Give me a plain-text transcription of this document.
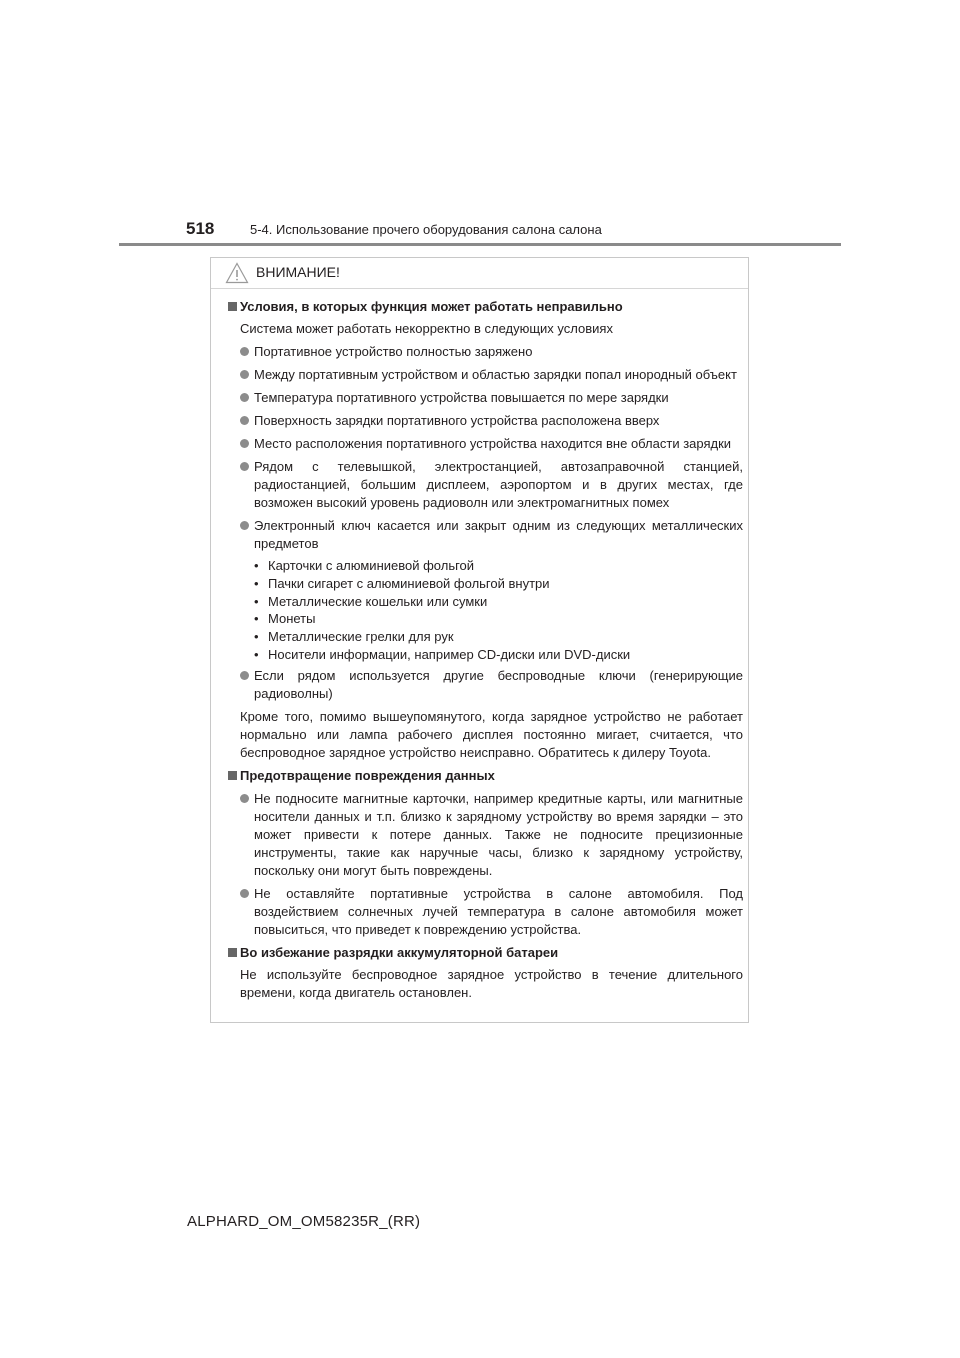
518	5-4. Использование прочего оборудования салона салона
ВНИМАНИЕ!
Условия, в которых функция может работать неправильно
Система может работать некорректно в следующих условиях
Портативное устройство полностью заряжено
Между портативным устройством и областью зарядки попал инородный объект
Температура портативного устройства повышается по мере зарядки
Поверхность зарядки портативного устройства расположена вверх
Место расположения портативного устройства находится вне области зарядки
Рядом с телевышкой, электростанцией, автозаправочной станцией, радиостанцией, большим дисплеем, аэропортом и в других местах, где возможен высокий уровень радиоволн или электромагнитных помех
Электронный ключ касается или закрыт одним из следующих металлических предметов
• Карточки с алюминиевой фольгой
• Пачки сигарет с алюминиевой фольгой внутри
• Металлические кошельки или сумки
• Монеты
• Металлические грелки для рук
• Носители информации, например CD-диски или DVD-диски
Если рядом используется другие беспроводные ключи (генерирующие радиоволны)
Кроме того, помимо вышеупомянутого, когда зарядное устройство не работает нормально или лампа рабочего дисплея постоянно мигает, считается, что беспроводное зарядное устройство неисправно. Обратитесь к дилеру Toyota.
Предотвращение повреждения данных
Не подносите магнитные карточки, например кредитные карты, или магнитные носители данных и т.п. близко к зарядному устройству во время зарядки – это может привести к потере данных. Также не подносите прецизионные инструменты, такие как наручные часы, близко к зарядному устройству, поскольку они могут быть повреждены.
Не оставляйте портативные устройства в салоне автомобиля. Под воздействием солнечных лучей температура в салоне автомобиля может повыситься, что приведет к повреждению устройства.
Во избежание разрядки аккумуляторной батареи
Не используйте беспроводное зарядное устройство в течение длительного времени, когда двигатель остановлен.
ALPHARD_OM_OM58235R_(RR)
